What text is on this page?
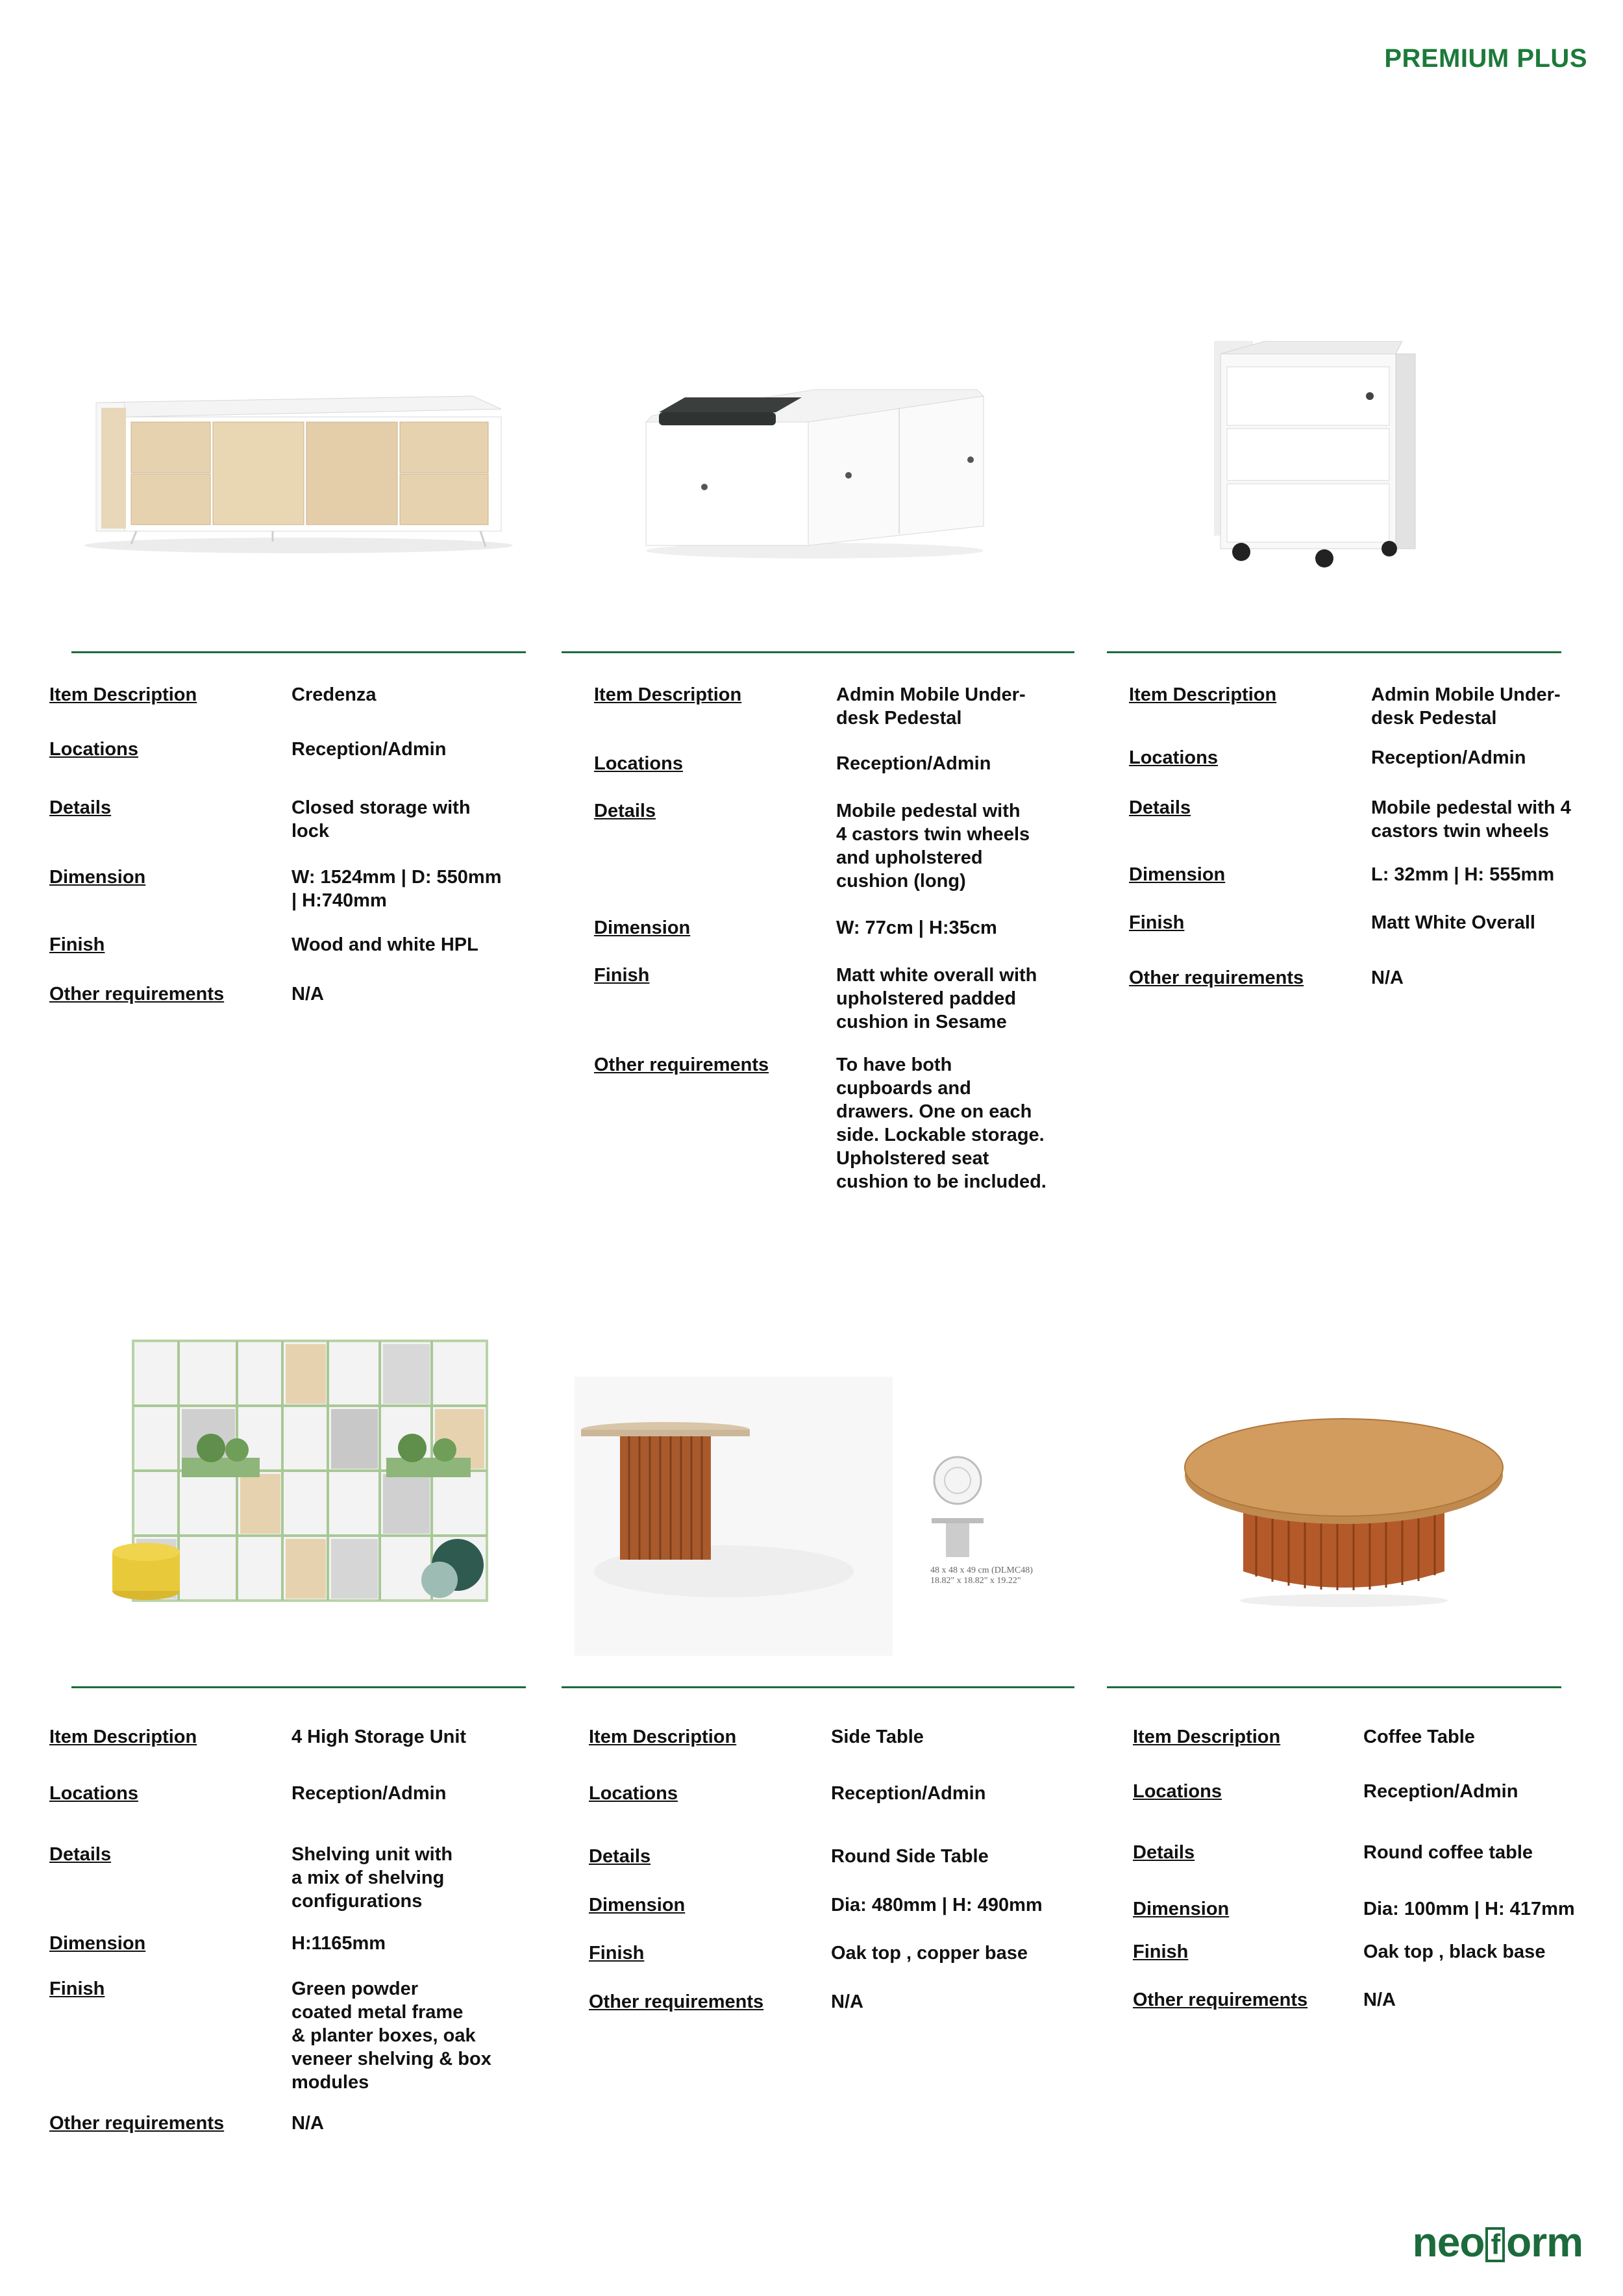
PREMIUM PLUS
48 x 48 x 49 cm (DLMC48)
18.82" x 18.82" x 19.22"
Item Description	Credenza
Locations	Reception/Admin
Details	Closed storage with
lock
Dimension	W: 1524mm | D: 550mm
| H:740mm
Finish	Wood and white HPL
Other requirements	N/A
Item Description	Admin Mobile Under-
desk Pedestal
Locations	Reception/Admin
Details	Mobile pedestal with
4 castors twin wheels
and upholstered
cushion (long)
Dimension	W: 77cm | H:35cm
Finish	Matt white overall with
upholstered padded
cushion in Sesame
Other requirements	To have both
cupboards and
drawers. One on each
side. Lockable storage.
Upholstered seat
cushion to be included.
Item Description	Admin Mobile Under-
desk Pedestal
Locations	Reception/Admin
Details	Mobile pedestal with 4
castors twin wheels
Dimension	L: 32mm | H: 555mm
Finish	Matt White Overall
Other requirements	N/A
Item Description	4 High Storage Unit
Locations	Reception/Admin
Details	Shelving unit with
a mix of shelving
configurations
Dimension	H:1165mm
Finish	Green powder
coated metal frame
& planter boxes, oak
veneer shelving & box
modules
Other requirements	N/A
Item Description	Side Table
Locations	Reception/Admin
Details	Round Side Table
Dimension	Dia: 480mm | H: 490mm
Finish	Oak top , copper base
Other requirements	N/A
Item Description	Coffee Table
Locations	Reception/Admin
Details	Round coffee table
Dimension	Dia: 100mm | H: 417mm
Finish	Oak top , black base
Other requirements	N/A
neo f orm
